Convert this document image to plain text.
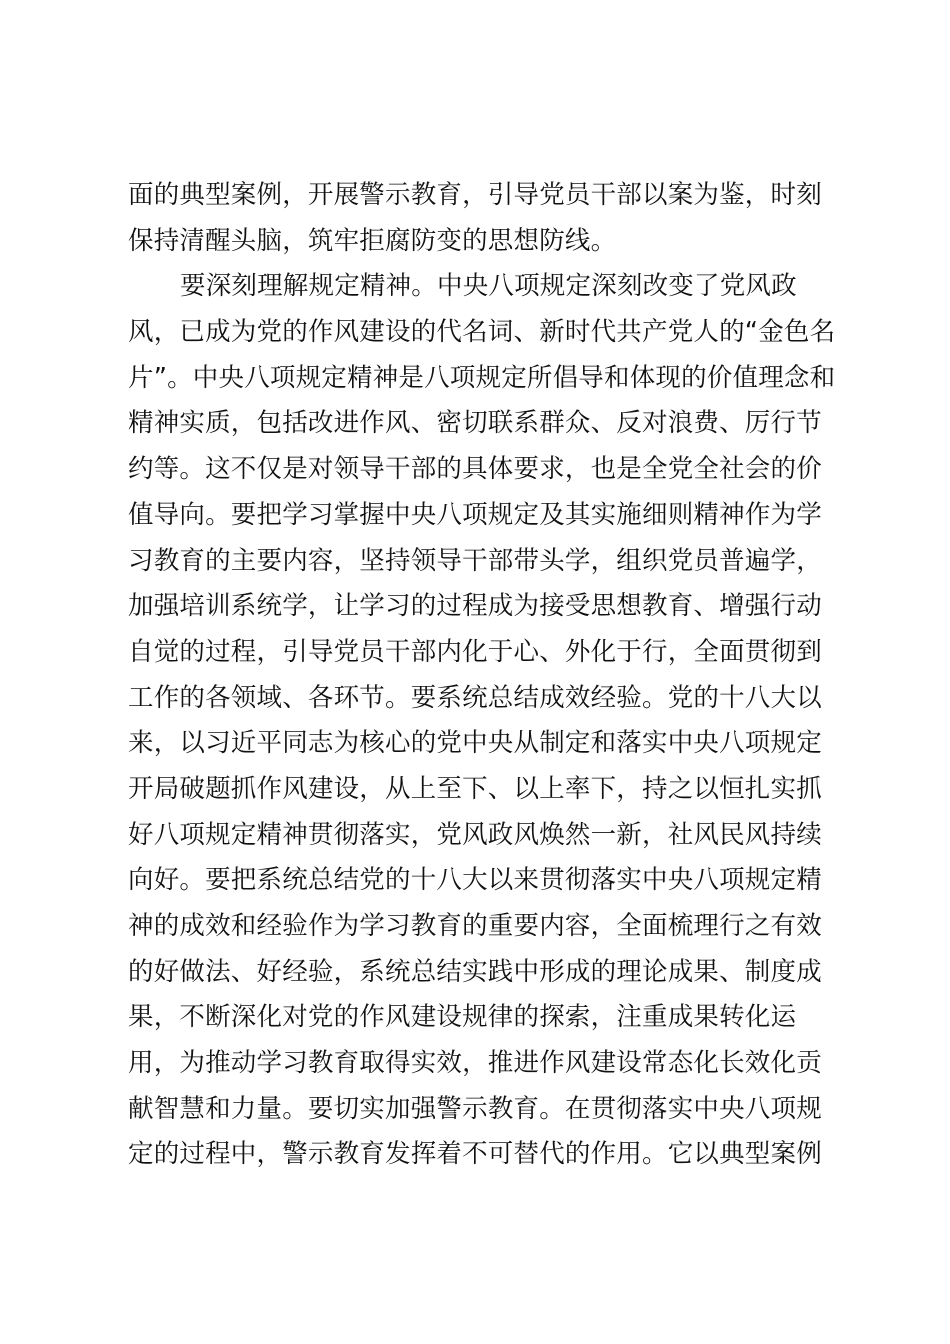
面的典型案例，开展警示教育，引导党员干部以案为鉴，时刻
保持清醒头脑，筑牢拒腐防变的思想防线。
要深刻理解规定精神。中央八项规定深刻改变了党风政
风，已成为党的作风建设的代名词、新时代共产党人的“金色名
片”。中央八项规定精神是八项规定所倡导和体现的价值理念和
精神实质，包括改进作风、密切联系群众、反对浪费、厉行节
约等。这不仅是对领导干部的具体要求，也是全党全社会的价
值导向。要把学习掌握中央八项规定及其实施细则精神作为学
习教育的主要内容，坚持领导干部带头学，组织党员普遍学，
加强培训系统学，让学习的过程成为接受思想教育、增强行动
自觉的过程，引导党员干部内化于心、外化于行，全面贯彻到
工作的各领域、各环节。要系统总结成效经验。党的十八大以
来，以习近平同志为核心的党中央从制定和落实中央八项规定
开局破题抓作风建设，从上至下、以上率下，持之以恒扎实抓
好八项规定精神贯彻落实，党风政风焕然一新，社风民风持续
向好。要把系统总结党的十八大以来贯彻落实中央八项规定精
神的成效和经验作为学习教育的重要内容，全面梳理行之有效
的好做法、好经验，系统总结实践中形成的理论成果、制度成
果，不断深化对党的作风建设规律的探索，注重成果转化运
用，为推动学习教育取得实效，推进作风建设常态化长效化贡
献智慧和力量。要切实加强警示教育。在贯彻落实中央八项规
定的过程中，警示教育发挥着不可替代的作用。它以典型案例
